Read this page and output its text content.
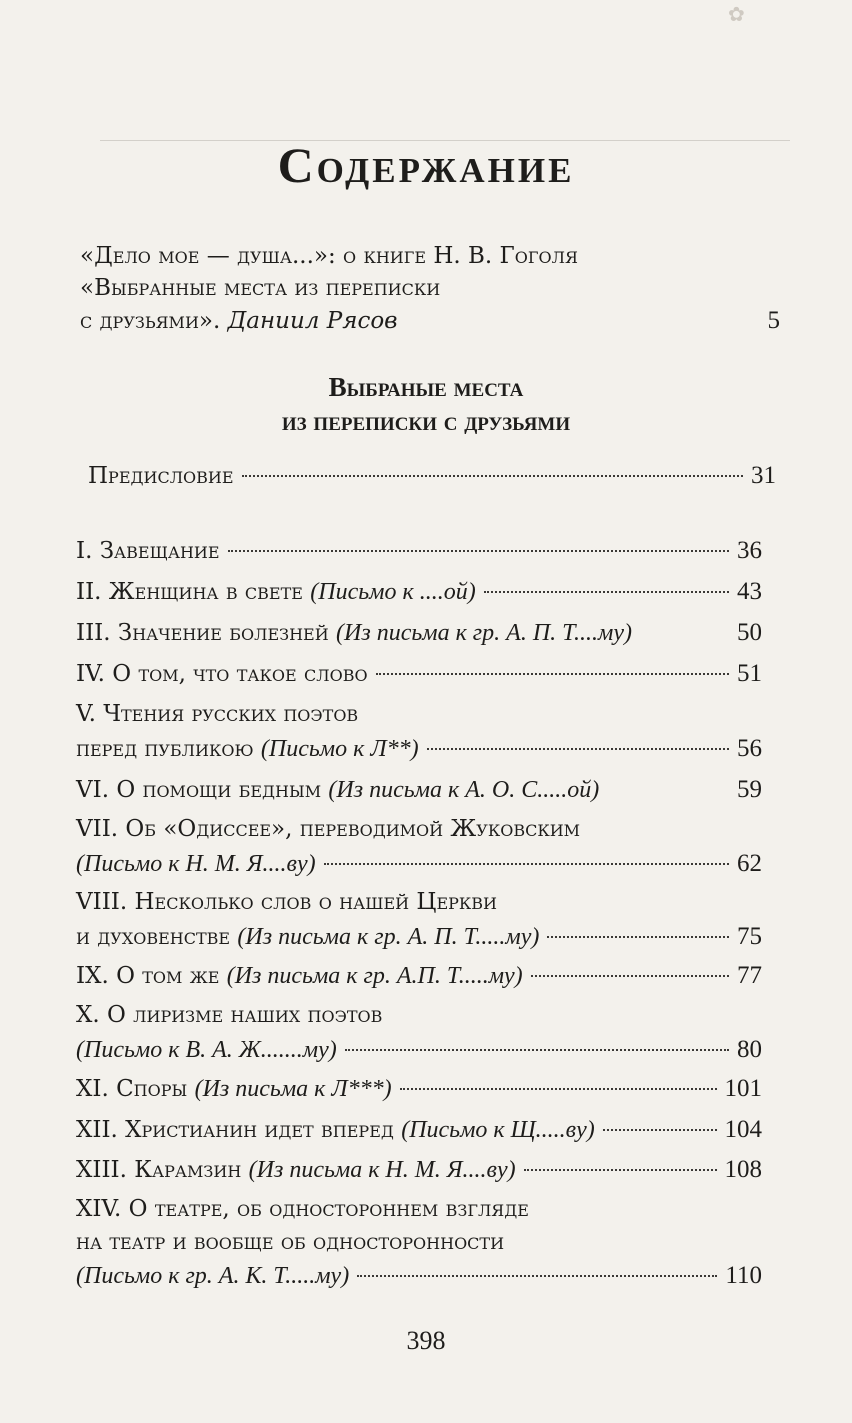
✿
Содержание
«Дело мое — душа...»: о книге Н. В. Гоголя
«Выбранные места из переписки
с друзьями». Даниил Рясов	5
Выбраные места
из переписки с друзьями
Предисловие	31
I. Завещание	36
II. Женщина в свете (Письмо к ....ой)	43
III. Значение болезней (Из письма к гр. А. П. Т....му)	50
IV. О том, что такое слово	51
V. Чтения русских поэтов
перед публикою (Письмо к Л**)	56
VI. О помощи бедным (Из письма к А. О. С.....ой)	59
VII. Об «Одиссее», переводимой Жуковским
(Письмо к Н. М. Я....ву)	62
VIII. Несколько слов о нашей Церкви
и духовенстве (Из письма к гр. А. П. Т.....му)	75
IX. О том же (Из письма к гр. А.П. Т.....му)	77
X. О лиризме наших поэтов
(Письмо к В. А. Ж.......му)	80
XI. Споры (Из письма к Л***)	101
XII. Христианин идет вперед (Письмо к Щ.....ву)	104
XIII. Карамзин (Из письма к Н. М. Я....ву)	108
XIV. О театре, об одностороннем взгляде
на театр и вообще об односторонности
(Письмо к гр. А. К. Т.....му)	110
398
